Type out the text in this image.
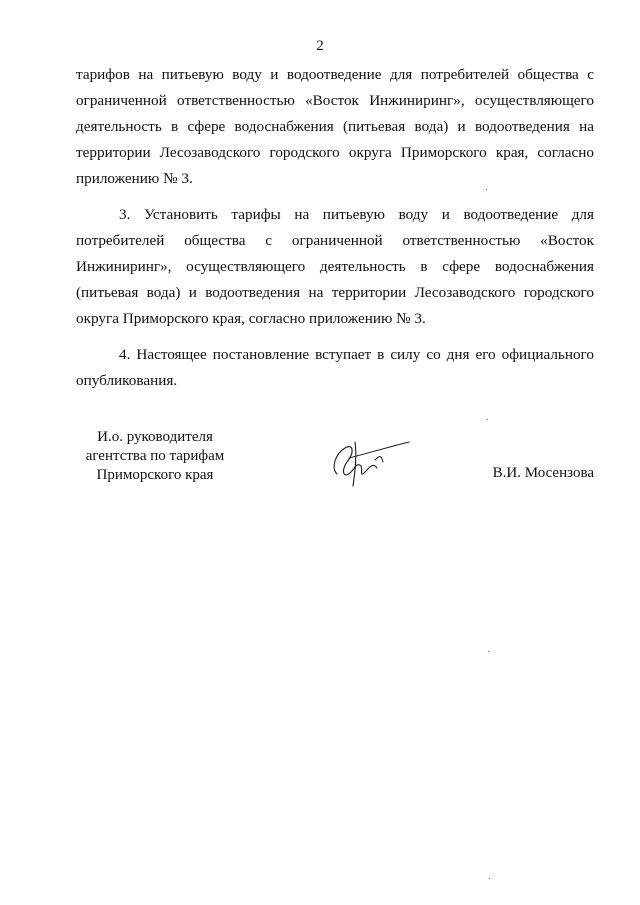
2

тарифов на питьевую воду и водоотведение для потребителей общества с ограниченной ответственностью «Восток Инжиниринг», осуществляющего деятельность в сфере водоснабжения (питьевая вода) и водоотведения на территории Лесозаводского городского округа Приморского края, согласно приложению № 3.

3. Установить тарифы на питьевую воду и водоотведение для потребителей общества с ограниченной ответственностью «Восток Инжиниринг», осуществляющего деятельность в сфере водоснабжения (питьевая вода) и водоотведения на территории Лесозаводского городского округа Приморского края, согласно приложению № 3.

4. Настоящее постановление вступает в силу со дня его официального опубликования.

И.о. руководителя
агентства по тарифам
Приморского края	В.И. Мосензова
